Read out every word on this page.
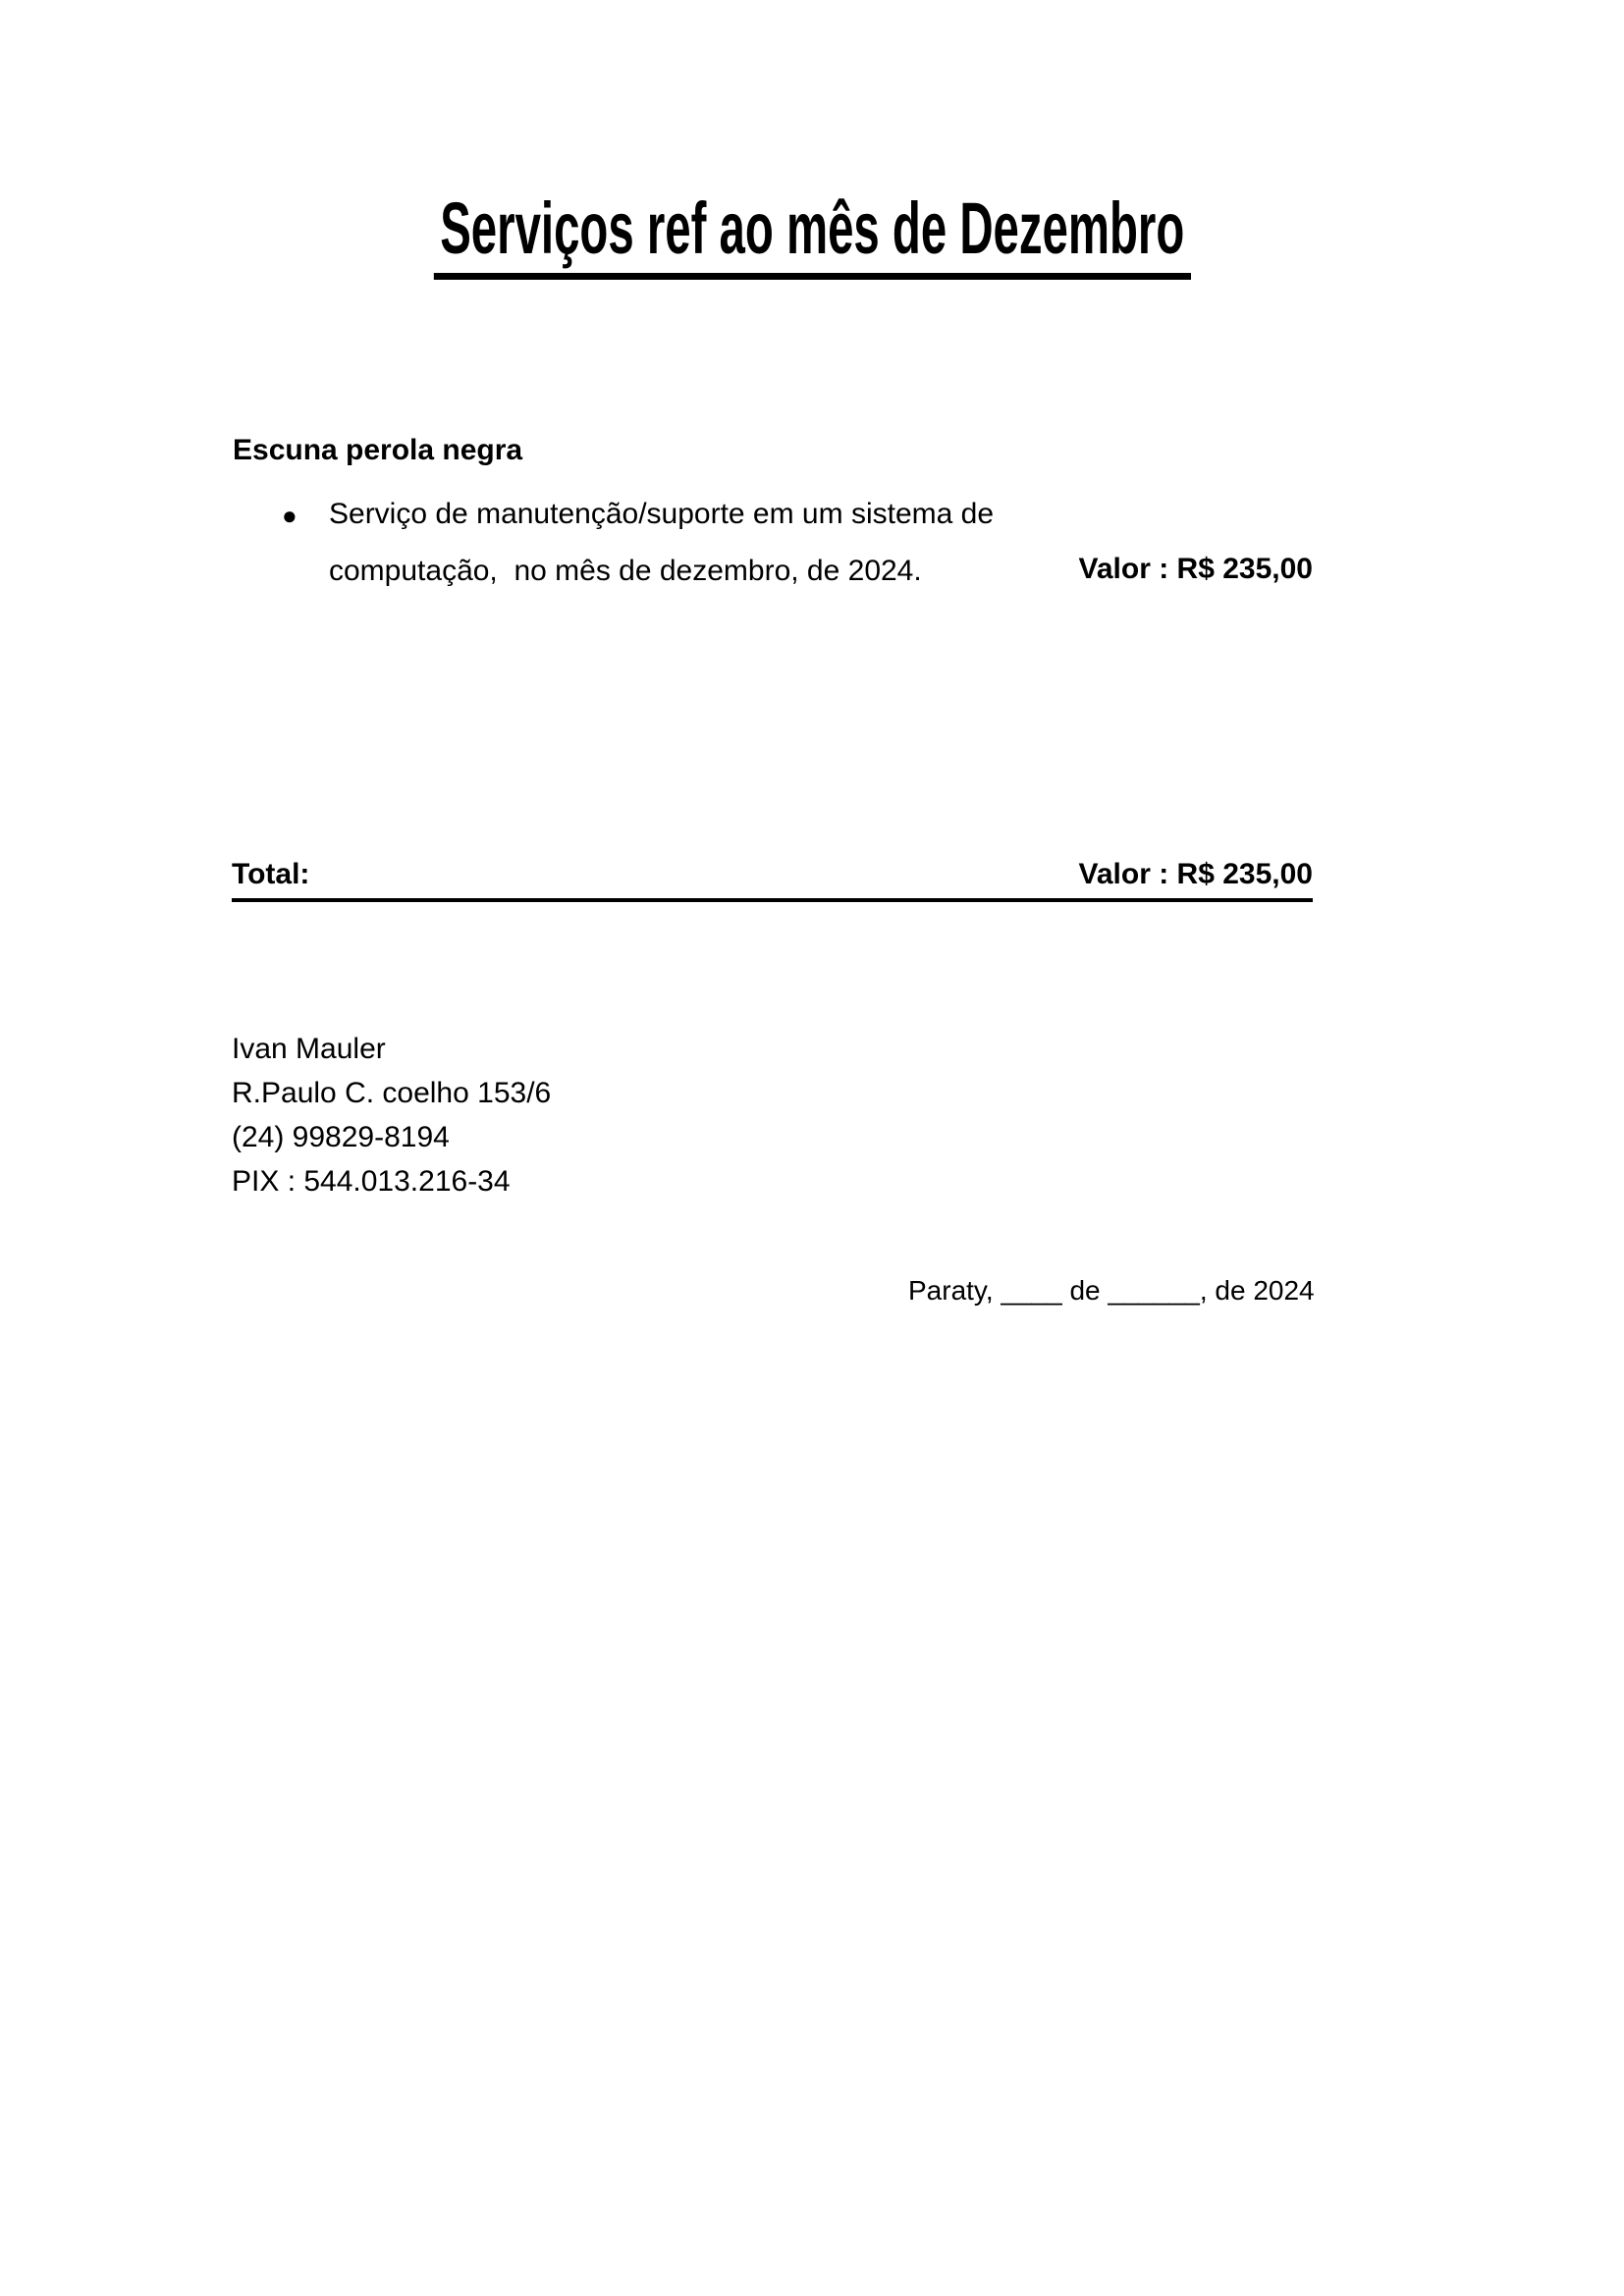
Serviços ref ao mês de Dezembro
Escuna perola negra
● Serviço de manutenção/suporte em um sistema de
computação,  no mês de dezembro, de 2024.	Valor : R$ 235,00
Total:	Valor : R$ 235,00
Ivan Mauler
R.Paulo C. coelho 153/6
(24) 99829-8194
PIX : 544.013.216-34
Paraty, ____ de ______, de 2024
